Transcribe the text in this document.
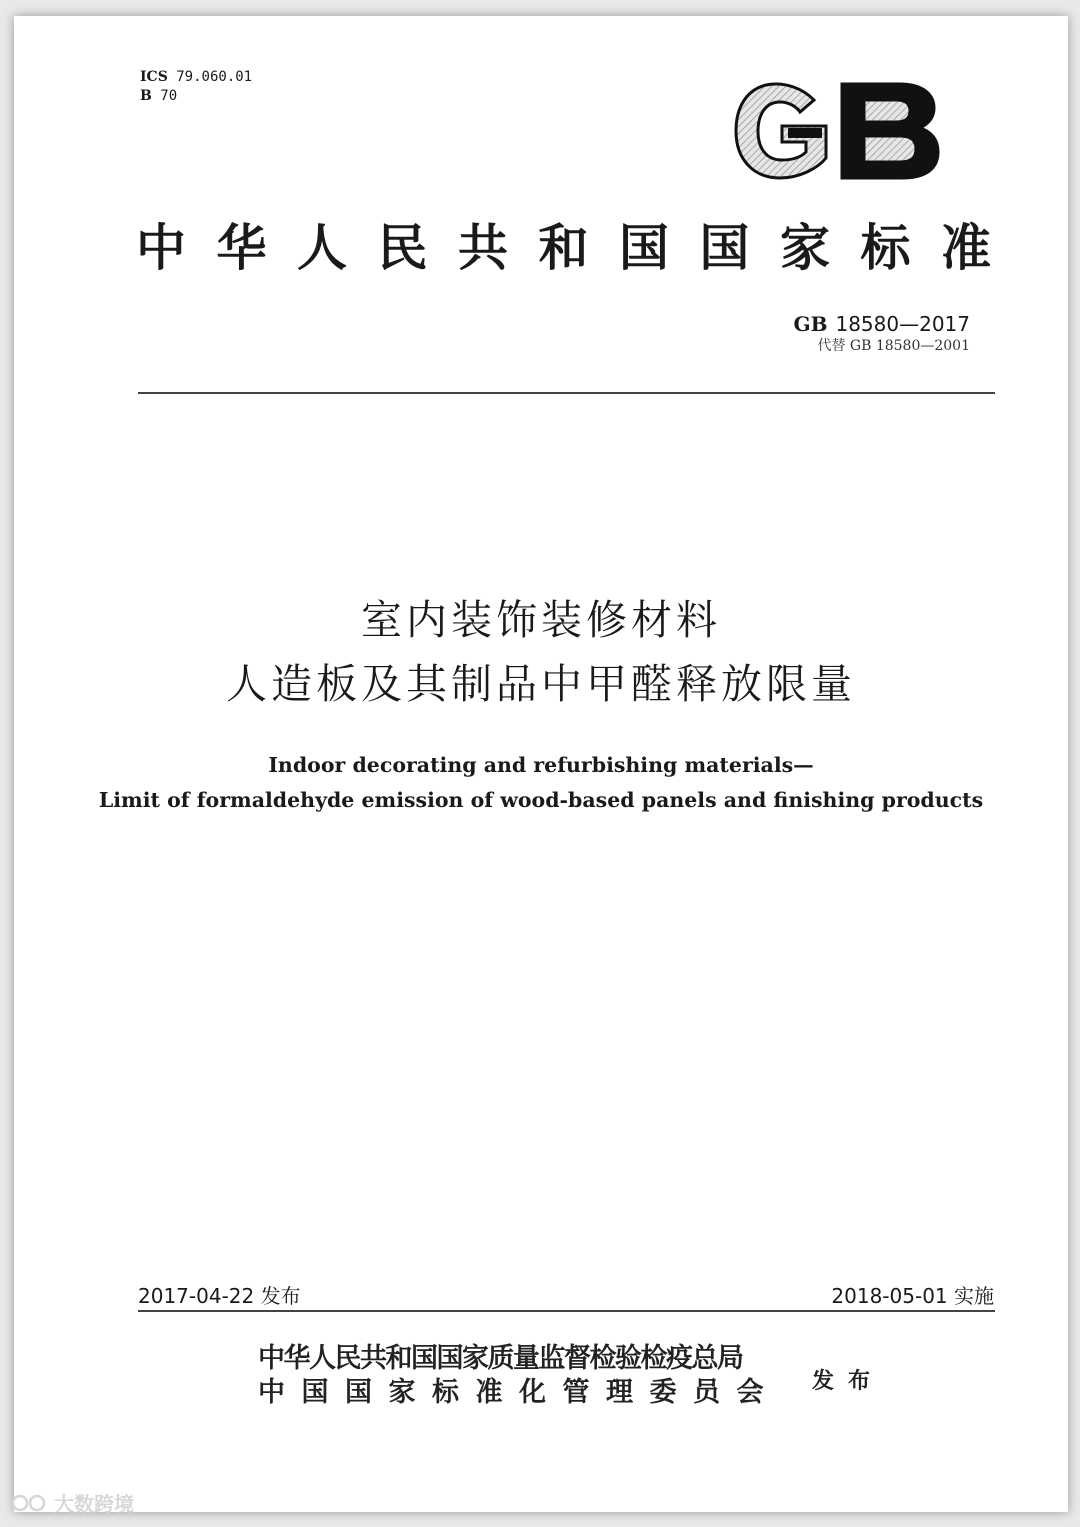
ICS 79.060.01
B 70
中华人民共和国国家标准
GB 18580—2017
代替 GB 18580—2001
室内装饰装修材料
人造板及其制品中甲醛释放限量
Indoor decorating and refurbishing materials—
Limit of formaldehyde emission of wood-based panels and finishing products
2017-04-22 发布	2018-05-01 实施
中华人民共和国国家质量监督检验检疫总局
中国国家标准化管理委员会	发布
大数跨境
